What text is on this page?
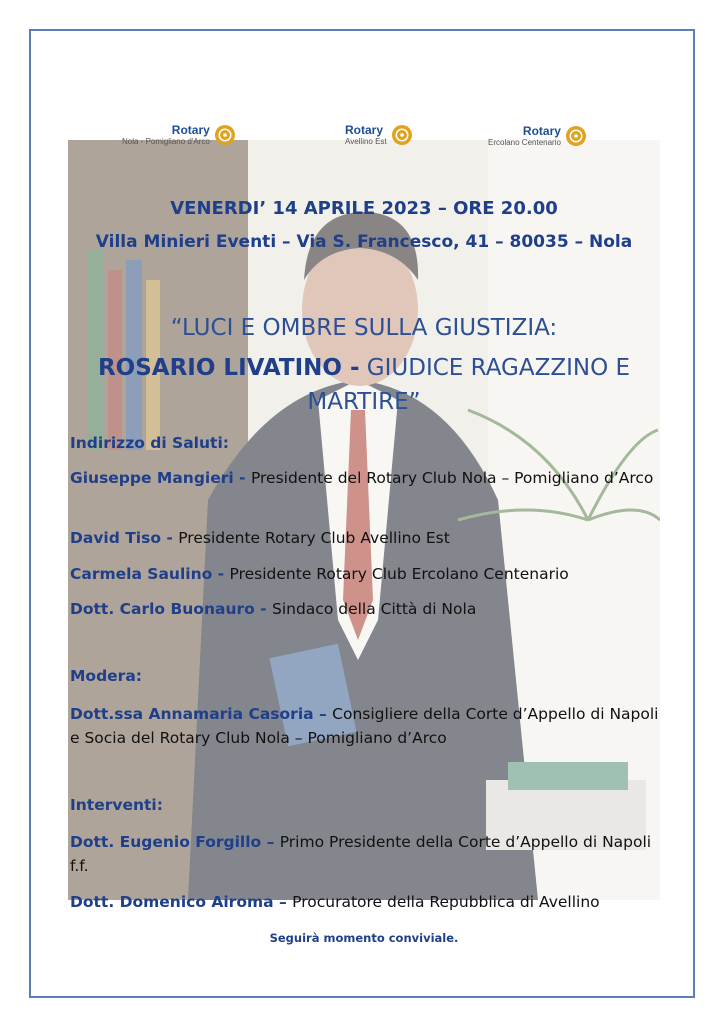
Rotary
Nola - Pomigliano d'Arco
Rotary
Avellino Est
Rotary
Ercolano Centenario
VENERDI’ 14 APRILE 2023 – ORE 20.00
Villa Minieri Eventi – Via S. Francesco, 41 – 80035 – Nola
“LUCI E OMBRE SULLA GIUSTIZIA:
ROSARIO LIVATINO - GIUDICE RAGAZZINO E
MARTIRE”
Indirizzo di Saluti:
Giuseppe Mangieri - Presidente del Rotary Club Nola – Pomigliano d’Arco
David Tiso - Presidente Rotary Club Avellino Est
Carmela Saulino - Presidente Rotary Club Ercolano Centenario
Dott. Carlo Buonauro - Sindaco della Città di Nola
Modera:
Dott.ssa Annamaria Casoria – Consigliere della Corte d’Appello di Napoli e Socia del Rotary Club Nola – Pomigliano d’Arco
Interventi:
Dott. Eugenio Forgillo – Primo Presidente della Corte d’Appello di Napoli f.f.
Dott. Domenico Airoma – Procuratore della Repubblica di Avellino
Seguirà momento conviviale.
